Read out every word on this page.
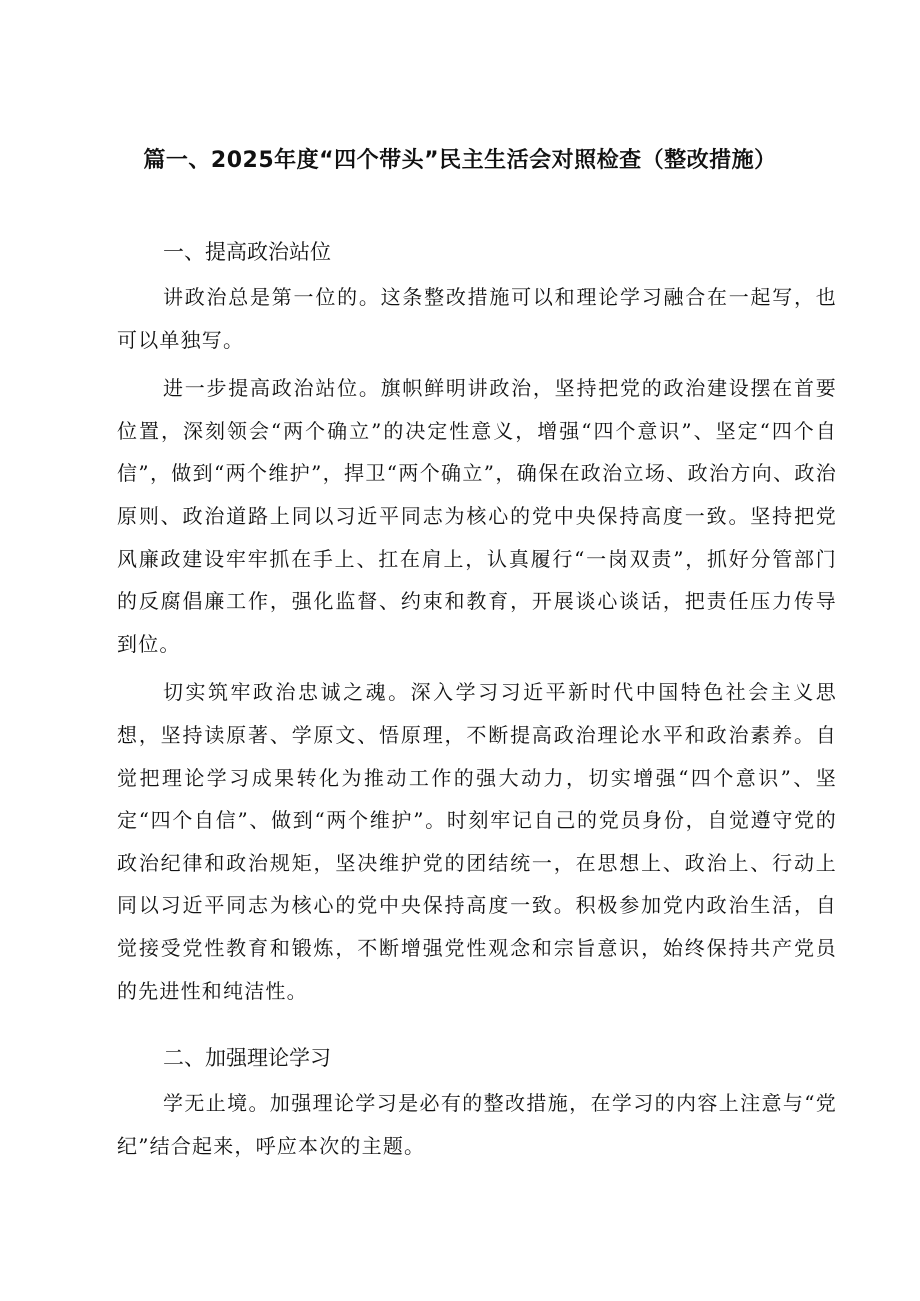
篇一、2025年度“四个带头”民主生活会对照检查（整改措施）
一、提高政治站位

讲政治总是第一位的。这条整改措施可以和理论学习融合在一起写，也可以单独写。

进一步提高政治站位。旗帜鲜明讲政治，坚持把党的政治建设摆在首要位置，深刻领会“两个确立”的决定性意义，增强“四个意识”、坚定“四个自信”，做到“两个维护”，捍卫“两个确立”，确保在政治立场、政治方向、政治原则、政治道路上同以习近平同志为核心的党中央保持高度一致。坚持把党风廉政建设牢牢抓在手上、扛在肩上，认真履行“一岗双责”，抓好分管部门的反腐倡廉工作，强化监督、约束和教育，开展谈心谈话，把责任压力传导到位。

切实筑牢政治忠诚之魂。深入学习习近平新时代中国特色社会主义思想，坚持读原著、学原文、悟原理，不断提高政治理论水平和政治素养。自觉把理论学习成果转化为推动工作的强大动力，切实增强“四个意识”、坚定“四个自信”、做到“两个维护”。时刻牢记自己的党员身份，自觉遵守党的政治纪律和政治规矩，坚决维护党的团结统一，在思想上、政治上、行动上同以习近平同志为核心的党中央保持高度一致。积极参加党内政治生活，自觉接受党性教育和锻炼，不断增强党性观念和宗旨意识，始终保持共产党员的先进性和纯洁性。

二、加强理论学习

学无止境。加强理论学习是必有的整改措施，在学习的内容上注意与“党纪”结合起来，呼应本次的主题。
